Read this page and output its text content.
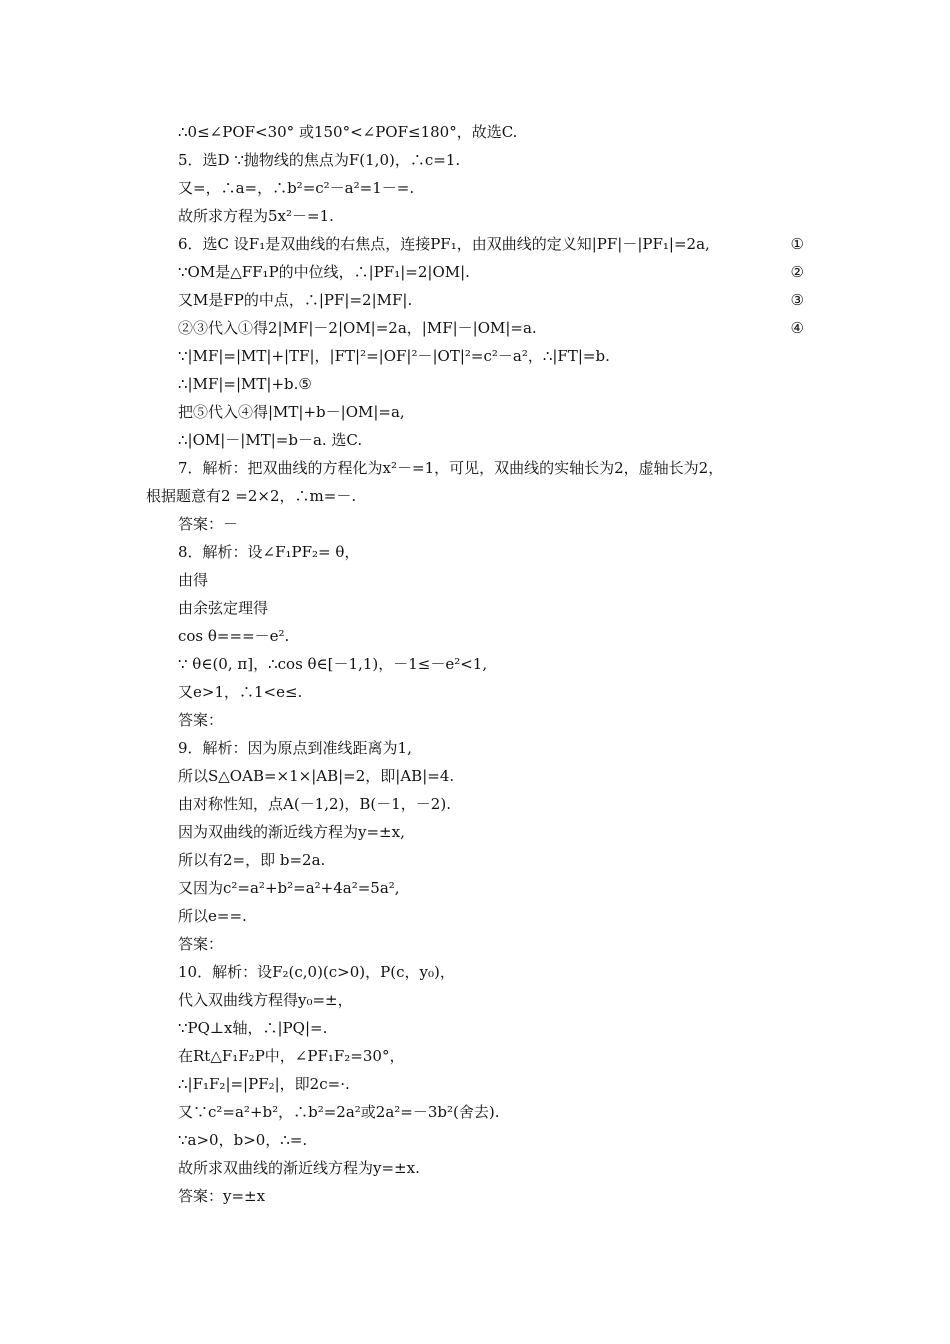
∴0≤∠POF<30° 或150°<∠POF≤180°，故选C.
5．选D ∵抛物线的焦点为F(1,0)，∴c=1.
又=，∴a=，∴b²=c²－a²=1－=.
故所求方程为5x²－=1.
6．选C 设F₁是双曲线的右焦点，连接PF₁，由双曲线的定义知|PF|－|PF₁|=2a,	①
∵OM是△FF₁P的中位线，∴|PF₁|=2|OM|.	②
又M是FP的中点，∴|PF|=2|MF|.	③
②③代入①得2|MF|－2|OM|=2a，|MF|－|OM|=a.	④
∵|MF|=|MT|+|TF|，|FT|²=|OF|²－|OT|²=c²－a²，∴|FT|=b.
∴|MF|=|MT|+b.⑤
把⑤代入④得|MT|+b－|OM|=a,
∴|OM|－|MT|=b－a. 选C.
7．解析：把双曲线的方程化为x²－=1，可见，双曲线的实轴长为2，虚轴长为2，
根据题意有2 =2×2，∴m=－.
答案：－
8．解析：设∠F₁PF₂= θ，
由得
由余弦定理得
cos θ===－e².
∵ θ∈(0, π]，∴cos θ∈[－1,1)，－1≤－e²<1,
又e>1，∴1<e≤.
答案：
9．解析：因为原点到准线距离为1,
所以S△OAB=×1×|AB|=2，即|AB|=4.
由对称性知，点A(－1,2)，B(－1，－2).
因为双曲线的渐近线方程为y=±x,
所以有2=，即 b=2a.
又因为c²=a²+b²=a²+4a²=5a²,
所以e==.
答案：
10．解析：设F₂(c,0)(c>0)，P(c，y₀)，
代入双曲线方程得y₀=±，
∵PQ⊥x轴，∴|PQ|=.
在Rt△F₁F₂P中，∠PF₁F₂=30°，
∴|F₁F₂|=|PF₂|，即2c=·.
又∵c²=a²+b²，∴b²=2a²或2a²=－3b²(舍去).
∵a>0，b>0，∴=.
故所求双曲线的渐近线方程为y=±x.
答案：y=±x
